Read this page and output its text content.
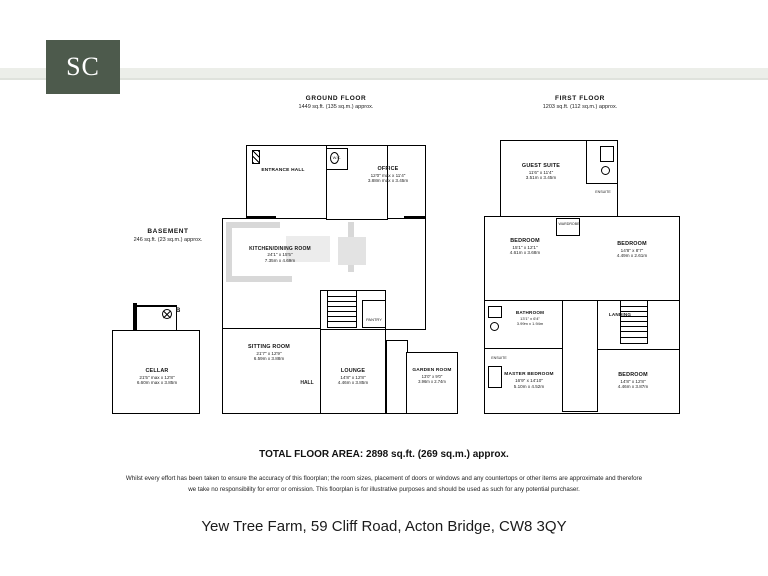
SC
GROUND FLOOR
1449 sq.ft. (135 sq.m.) approx.
FIRST FLOOR
1203 sq.ft. (112 sq.m.) approx.
BASEMENT
246 sq.ft. (23 sq.m.) approx.
B
CELLAR
21'5" max x 12'8"
6.60m max x 3.85m
W.C.
PANTRY
HALL
ENTRANCE HALL	OFFICE
12'0" max x 11'4"
3.88m max x 3.45m
KITCHEN/DINING ROOM
24'1" x 15'5"
7.35m x 4.69m
SITTING ROOM
21'7" x 12'9"
6.59m x 3.88m
LOUNGE
14'8" x 12'8"
4.46m x 3.85m
GARDEN ROOM
13'0" x 9'0"
3.96m x 2.74m
WARDROBE
ENSUITE
ENSUITE
LANDING
GUEST SUITE
11'6" x 11'4"
3.51m x 3.45m
BEDROOM
15'1" x 12'1"
4.61m x 3.68m
BEDROOM
14'8" x 8'7"
4.49m x 2.61m
BATHROOM
13'1" x 6'4"
3.99m x 1.94m
MASTER BEDROOM
16'9" x 14'10"
5.10m x 4.52m
BEDROOM
14'8" x 12'8"
4.46m x 3.87m
TOTAL FLOOR AREA: 2898 sq.ft. (269 sq.m.) approx.
Whilst every effort has been taken to ensure the accuracy of this floorplan; the room sizes, placement of doors or windows and any countertops or other items are approximate and therefore we take no responsibility for error or omission. This floorplan is for illustrative purposes and should be used as such for any potential purchaser.
Yew Tree Farm, 59 Cliff Road, Acton Bridge, CW8 3QY
